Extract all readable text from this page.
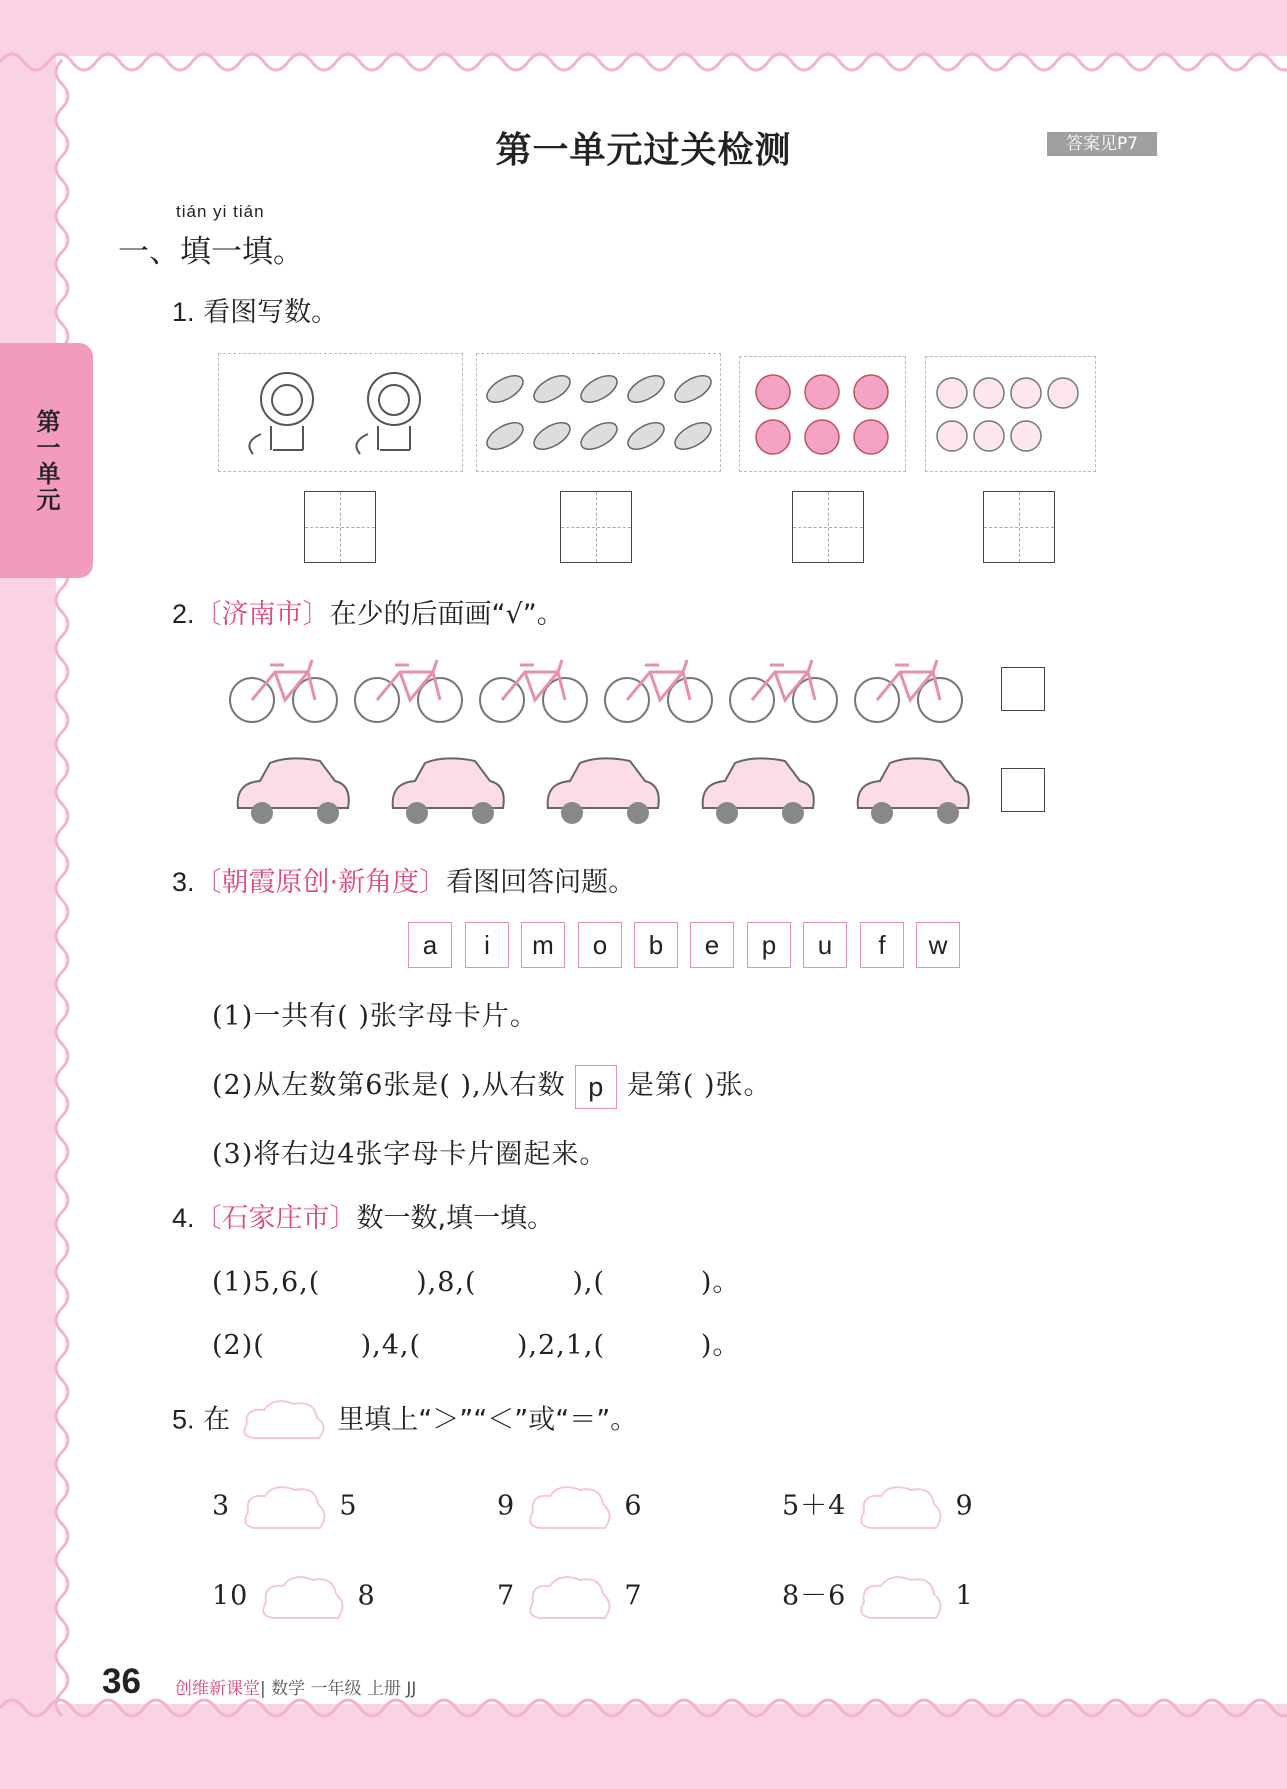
第一单元
第一单元过关检测	答案见P7
tián yi tián
一、填一填。
1. 看图写数。
2.〔济南市〕在少的后面画“√”。
3.〔朝霞原创·新角度〕看图回答问题。
a	i	m	o	b	e	p	u	f	w
(1)一共有( )张字母卡片。
(2)从左数第6张是( ),从右数 p 是第( )张。
(3)将右边4张字母卡片圈起来。
4.〔石家庄市〕数一数,填一填。
(1)5,6,(          ),8,(          ),(          )。
(2)(          ),4,(          ),2,1,(          )。
5. 在	里填上“＞”“＜”或“＝”。
3	5	9	6	5＋4	9
10	8	7	7	8－6	1
36 创维新课堂| 数学 一年级 上册 JJ
